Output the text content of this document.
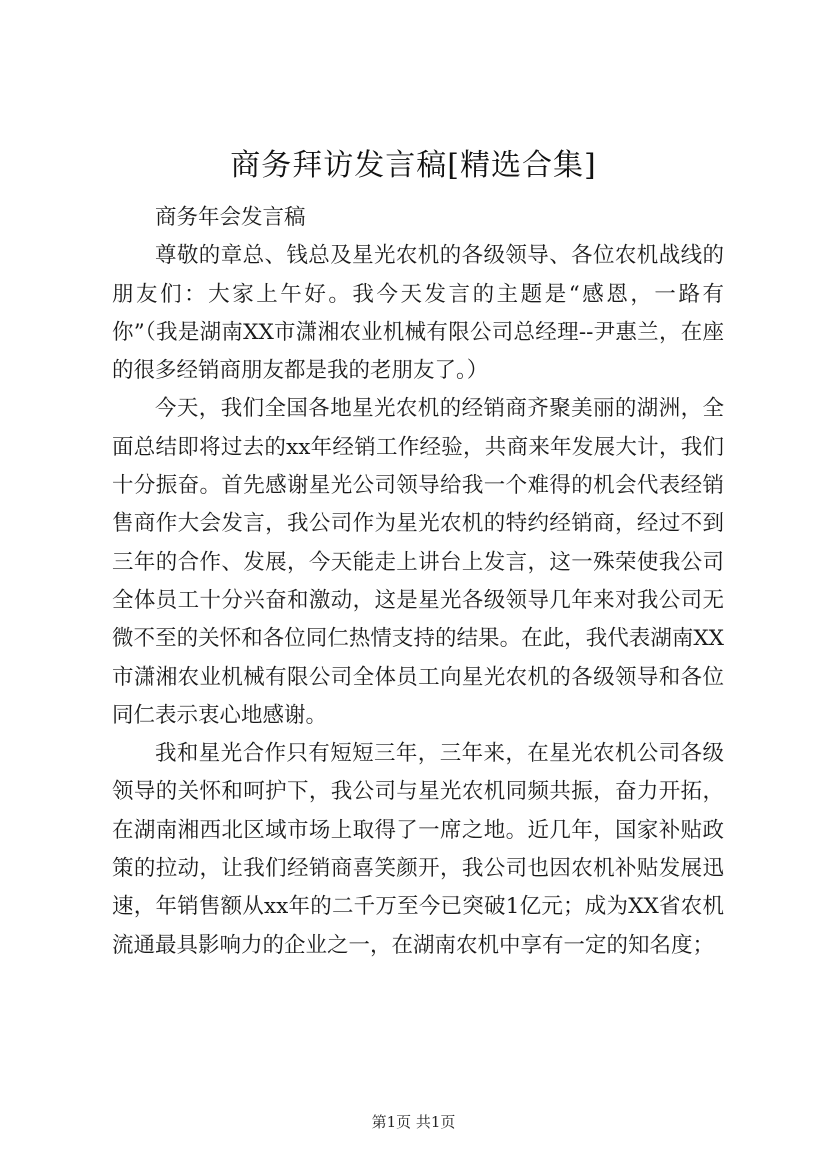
商务拜访发言稿[精选合集]

商务年会发言稿

尊敬的章总、钱总及星光农机的各级领导、各位农机战线的朋友们：大家上午好。我今天发言的主题是“感恩，一路有你”（我是湖南XX市潇湘农业机械有限公司总经理--尹惠兰，在座的很多经销商朋友都是我的老朋友了。）

今天，我们全国各地星光农机的经销商齐聚美丽的湖洲，全面总结即将过去的xx年经销工作经验，共商来年发展大计，我们十分振奋。首先感谢星光公司领导给我一个难得的机会代表经销售商作大会发言，我公司作为星光农机的特约经销商，经过不到三年的合作、发展，今天能走上讲台上发言，这一殊荣使我公司全体员工十分兴奋和激动，这是星光各级领导几年来对我公司无微不至的关怀和各位同仁热情支持的结果。在此，我代表湖南XX市潇湘农业机械有限公司全体员工向星光农机的各级领导和各位同仁表示衷心地感谢。

我和星光合作只有短短三年，三年来，在星光农机公司各级领导的关怀和呵护下，我公司与星光农机同频共振，奋力开拓，在湖南湘西北区域市场上取得了一席之地。近几年，国家补贴政策的拉动，让我们经销商喜笑颜开，我公司也因农机补贴发展迅速，年销售额从xx年的二千万至今已突破1亿元；成为XX省农机流通最具影响力的企业之一，在湖南农机中享有一定的知名度；

第1页 共1页
